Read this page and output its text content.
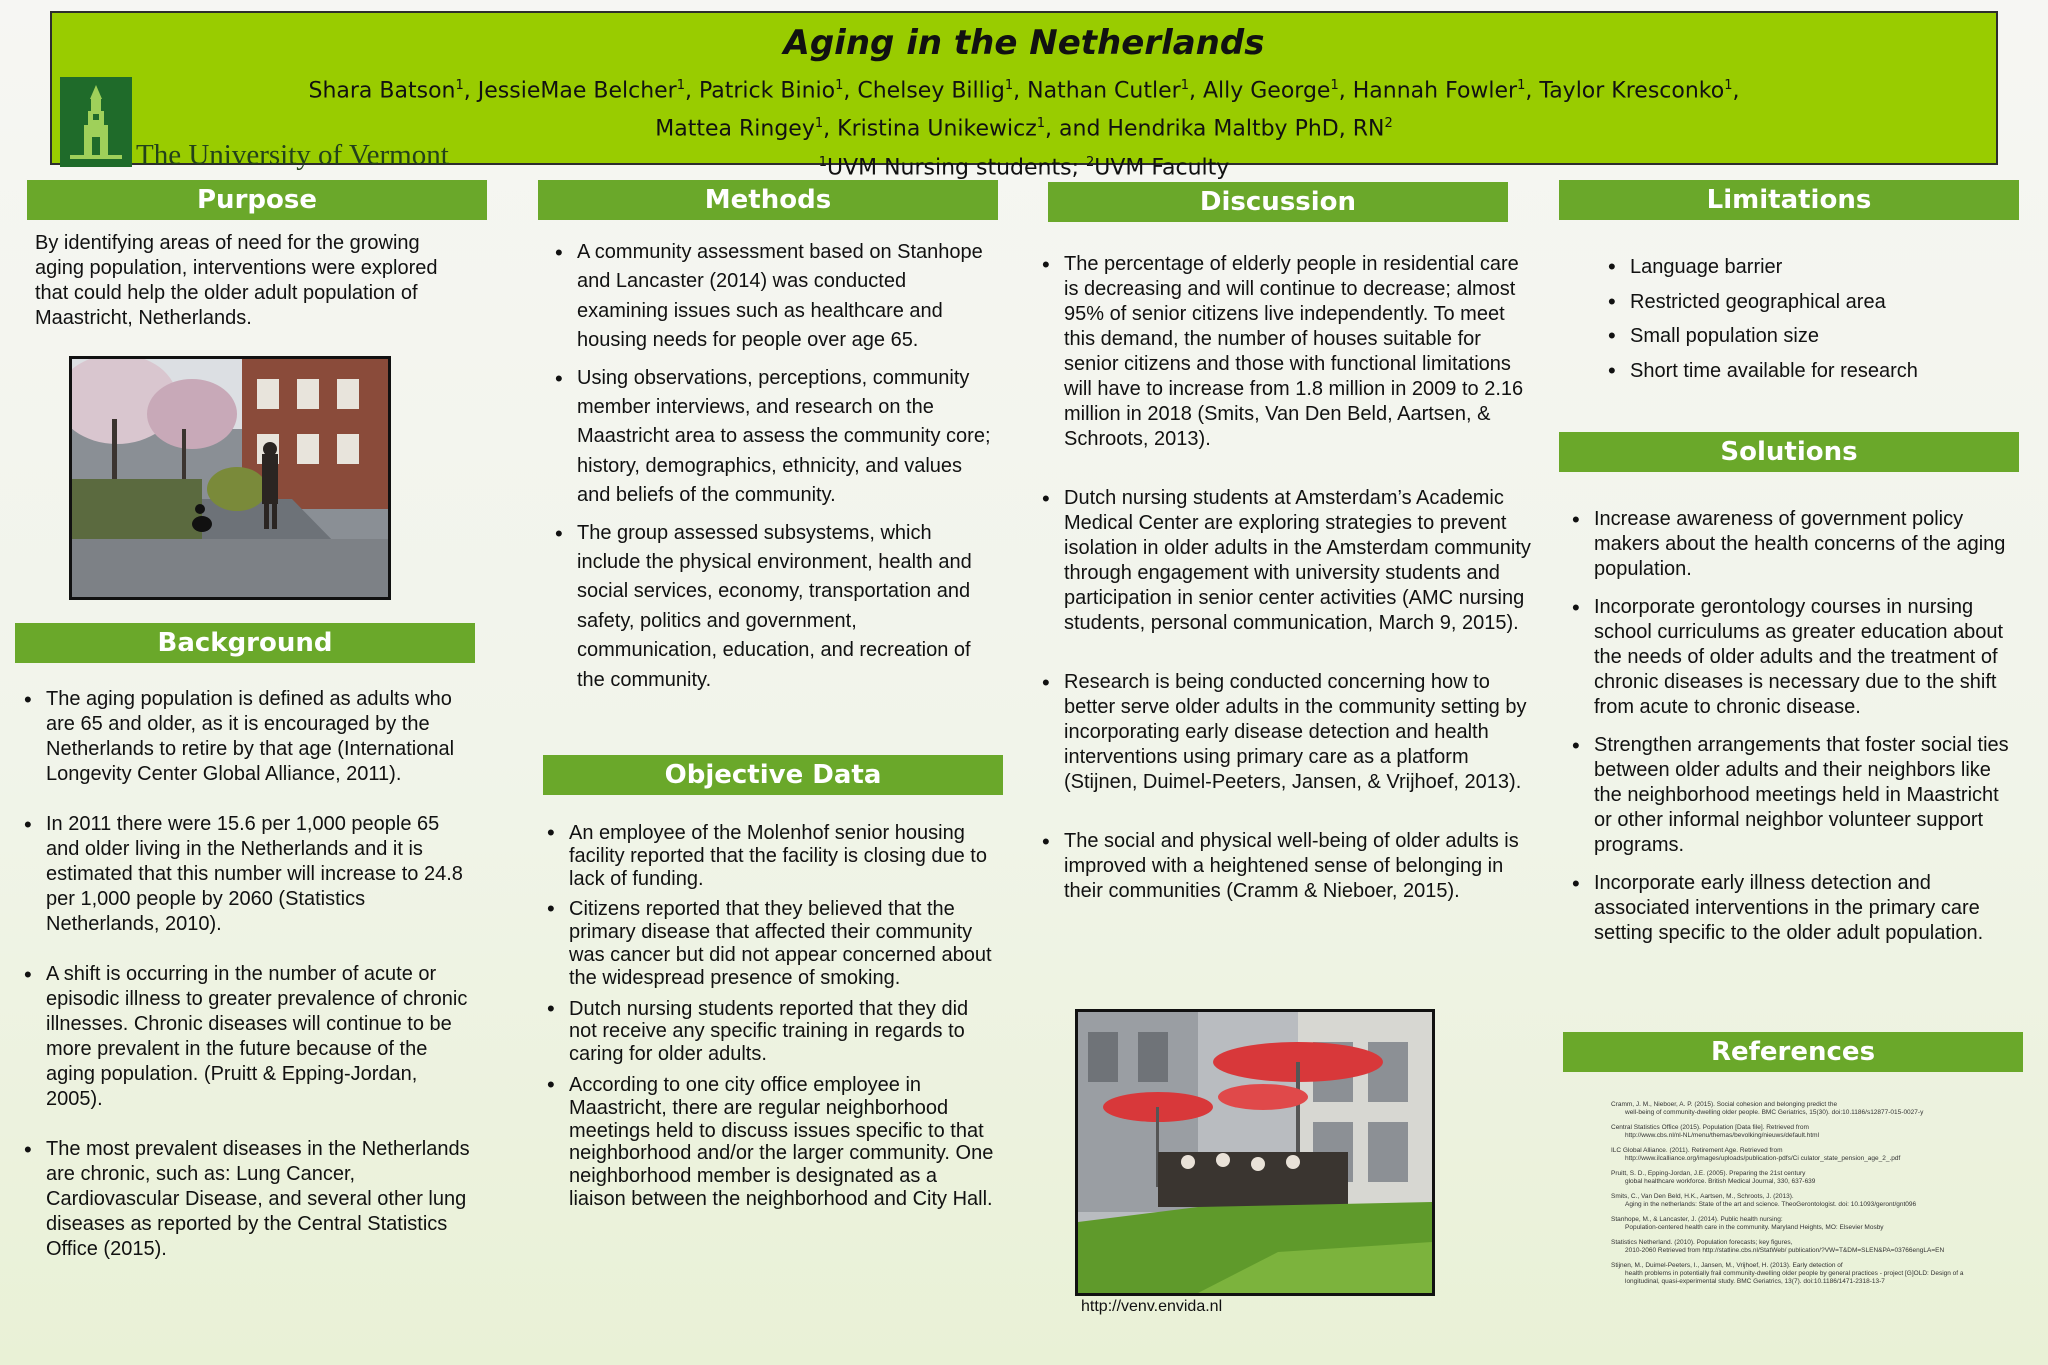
The University of Vermont
Aging in the Netherlands
Shara Batson$^1$, JessieMae Belcher$^1$, Patrick Binio$^1$, Chelsey Billig$^1$, Nathan Cutler$^1$, Ally George$^1$, Hannah Fowler$^1$, Taylor Kresconko$^1$,
Mattea Ringey$^1$, Kristina Unikewicz$^1$, and Hendrika Maltby PhD, $RN^2$
$^1$UVM Nursing students; $^2$UVM Faculty
Purpose
By identifying areas of need for the growing aging population, interventions were explored that could help the older adult population of Maastricht, Netherlands.
Background
• The aging population is defined as adults who are 65 and older, as it is encouraged by the Netherlands to retire by that age (International Longevity Center Global Alliance, 2011).
• In 2011 there were 15.6 per 1,000 people 65 and older living in the Netherlands and it is estimated that this number will increase to 24.8 per 1,000 people by 2060 (Statistics Netherlands, 2010).
• A shift is occurring in the number of acute or episodic illness to greater prevalence of chronic illnesses. Chronic diseases will continue to be more prevalent in the future because of the aging population. (Pruitt & Epping-Jordan, 2005).
• The most prevalent diseases in the Netherlands are chronic, such as: Lung Cancer, Cardiovascular Disease, and several other lung diseases as reported by the Central Statistics Office (2015).
Methods
• A community assessment based on Stanhope and Lancaster (2014) was conducted examining issues such as healthcare and housing needs for people over age 65.
• Using observations, perceptions, community member interviews, and research on the Maastricht area to assess the community core; history, demographics, ethnicity, and values and beliefs of the community.
• The group assessed subsystems, which include the physical environment, health and social services, economy, transportation and safety, politics and government, communication, education, and recreation of the community.
Objective Data
• An employee of the Molenhof senior housing facility reported that the facility is closing due to lack of funding.
• Citizens reported that they believed that the primary disease that affected their community was cancer but did not appear concerned about the widespread presence of smoking.
• Dutch nursing students reported that they did not receive any specific training in regards to caring for older adults.
• According to one city office employee in Maastricht, there are regular neighborhood meetings held to discuss issues specific to that neighborhood and/or the larger community. One neighborhood member is designated as a liaison between the neighborhood and City Hall.
Discussion
• The percentage of elderly people in residential care is decreasing and will continue to decrease; almost 95% of senior citizens live independently. To meet this demand, the number of houses suitable for senior citizens and those with functional limitations will have to increase from 1.8 million in 2009 to 2.16 million in 2018 (Smits, Van Den Beld, Aartsen, & Schroots, 2013).
• Dutch nursing students at Amsterdam’s Academic Medical Center are exploring strategies to prevent isolation in older adults in the Amsterdam community through engagement with university students and participation in senior center activities (AMC nursing students, personal communication, March 9, 2015).
• Research is being conducted concerning how to better serve older adults in the community setting by incorporating early disease detection and health interventions using primary care as a platform (Stijnen, Duimel-Peeters, Jansen, & Vrijhoef, 2013).
• The social and physical well-being of older adults is improved with a heightened sense of belonging in their communities (Cramm & Nieboer, 2015).
http://venv.envida.nl
Limitations
• Language barrier
• Restricted geographical area
• Small population size
• Short time available for research
Solutions
• Increase awareness of government policy makers about the health concerns of the aging population.
• Incorporate gerontology courses in nursing school curriculums as greater education about the needs of older adults and the treatment of chronic diseases is necessary due to the shift from acute to chronic disease.
• Strengthen arrangements that foster social ties between older adults and their neighbors like the neighborhood meetings held in Maastricht or other informal neighbor volunteer support programs.
• Incorporate early illness detection and associated interventions in the primary care setting specific to the older adult population.
References
Cramm, J. M., Nieboer, A. P. (2015). Social cohesion and belonging predict the
well-being of community-dwelling older people. BMC Geriatrics, 15(30). doi:10.1186/s12877-015-0027-y
Central Statistics Office (2015). Population [Data file]. Retrieved from
http://www.cbs.nl/nl-NL/menu/themas/bevolking/nieuws/default.html
ILC Global Alliance. (2011). Retirement Age. Retrieved from
http://www.ilcalliance.org/images/uploads/publication-pdfs/Ci culator_state_pension_age_2_.pdf
Pruitt, S. D., Epping-Jordan, J.E. (2005). Preparing the 21st century
global healthcare workforce. British Medical Journal, 330, 637-639
Smits, C., Van Den Beld, H.K., Aartsen, M., Schroots, J. (2013).
Aging in the netherlands: State of the art and science. TheoGerontologist. doi: 10.1093/geront/gnt096
Stanhope, M., & Lancaster, J. (2014). Public health nursing:
Population-centered health care in the community. Maryland Heights, MO: Elsevier Mosby
Statistics Netherland. (2010). Population forecasts; key figures,
2010-2060 Retrieved from http://statline.cbs.nl/StatWeb/ publication/?VW=T&DM=SLEN&PA=03766engLA=EN
Stijnen, M., Duimel-Peeters, I., Jansen, M., Vrijhoef, H. (2013). Early detection of
health problems in potentially frail community-dwelling older people by general practices - project [G]OLD: Design of a longitudinal, quasi-experimental study. BMC Geriatrics, 13(7). doi:10.1186/1471-2318-13-7
